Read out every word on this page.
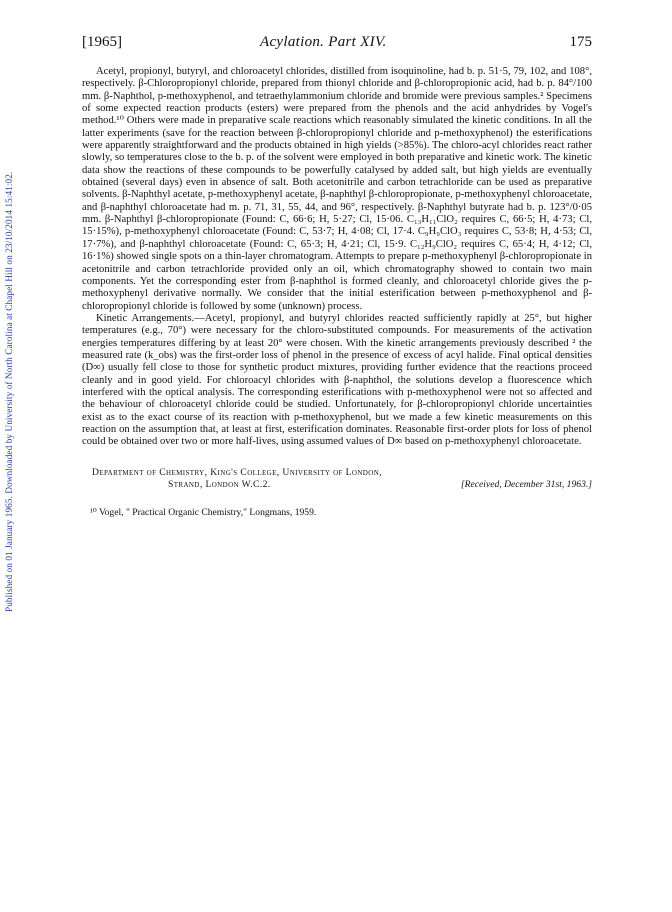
Published on 01 January 1965. Downloaded by University of North Carolina at Chapel Hill on 23/10/2014 15:41:02.
[1965]	Acylation. Part XIV.	175

Acetyl, propionyl, butyryl, and chloroacetyl chlorides, distilled from isoquinoline, had b. p. 51·5, 79, 102, and 108°, respectively. β-Chloropropionyl chloride, prepared from thionyl chloride and β-chloropropionic acid, had b. p. 84°/100 mm. β-Naphthol, p-methoxyphenol, and tetraethylammonium chloride and bromide were previous samples.² Specimens of some expected reaction products (esters) were prepared from the phenols and the acid anhydrides by Vogel's method.¹⁰ Others were made in preparative scale reactions which reasonably simulated the kinetic conditions. In all the latter experiments (save for the reaction between β-chloropropionyl chloride and p-methoxyphenol) the esterifications were apparently straightforward and the products obtained in high yields (>85%). The chloro-acyl chlorides react rather slowly, so temperatures close to the b. p. of the solvent were employed in both preparative and kinetic work. The kinetic data show the reactions of these compounds to be powerfully catalysed by added salt, but high yields are eventually obtained (several days) even in absence of salt. Both acetonitrile and carbon tetrachloride can be used as preparative solvents. β-Naphthyl acetate, p-methoxyphenyl acetate, β-naphthyl β-chloropropionate, p-methoxyphenyl chloroacetate, and β-naphthyl chloroacetate had m. p. 71, 31, 55, 44, and 96°, respectively. β-Naphthyl butyrate had b. p. 123°/0·05 mm. β-Naphthyl β-chloropropionate (Found: C, 66·6; H, 5·27; Cl, 15·06. C₁₃H₁₁ClO₂ requires C, 66·5; H, 4·73; Cl, 15·15%), p-methoxyphenyl chloroacetate (Found: C, 53·7; H, 4·08; Cl, 17·4. C₉H₉ClO₃ requires C, 53·8; H, 4·53; Cl, 17·7%), and β-naphthyl chloroacetate (Found: C, 65·3; H, 4·21; Cl, 15·9. C₁₂H₉ClO₂ requires C, 65·4; H, 4·12; Cl, 16·1%) showed single spots on a thin-layer chromatogram. Attempts to prepare p-methoxyphenyl β-chloropropionate in acetonitrile and carbon tetrachloride provided only an oil, which chromatography showed to contain two main components. Yet the corresponding ester from β-naphthol is formed cleanly, and chloroacetyl chloride gives the p-methoxyphenyl derivative normally. We consider that the initial esterification between p-methoxyphenol and β-chloropropionyl chloride is followed by some (unknown) process.

Kinetic Arrangements.—Acetyl, propionyl, and butyryl chlorides reacted sufficiently rapidly at 25°, but higher temperatures (e.g., 70°) were necessary for the chloro-substituted compounds. For measurements of the activation energies temperatures differing by at least 20° were chosen. With the kinetic arrangements previously described ² the measured rate (k_obs) was the first-order loss of phenol in the presence of excess of acyl halide. Final optical densities (D∞) usually fell close to those for synthetic product mixtures, providing further evidence that the reactions proceed cleanly and in good yield. For chloroacyl chlorides with β-naphthol, the solutions develop a fluorescence which interfered with the optical analysis. The corresponding esterifications with p-methoxyphenol were not so affected and the behaviour of chloroacetyl chloride could be studied. Unfortunately, for β-chloropropionyl chloride uncertainties exist as to the exact course of its reaction with p-methoxyphenol, but we made a few kinetic measurements on this reaction on the assumption that, at least at first, esterification dominates. Reasonable first-order plots for loss of phenol could be obtained over two or more half-lives, using assumed values of D∞ based on p-methoxyphenyl chloroacetate.

Department of Chemistry, King's College, University of London,
Strand, London W.C.2.	[Received, December 31st, 1963.]
¹⁰ Vogel, " Practical Organic Chemistry," Longmans, 1959.
